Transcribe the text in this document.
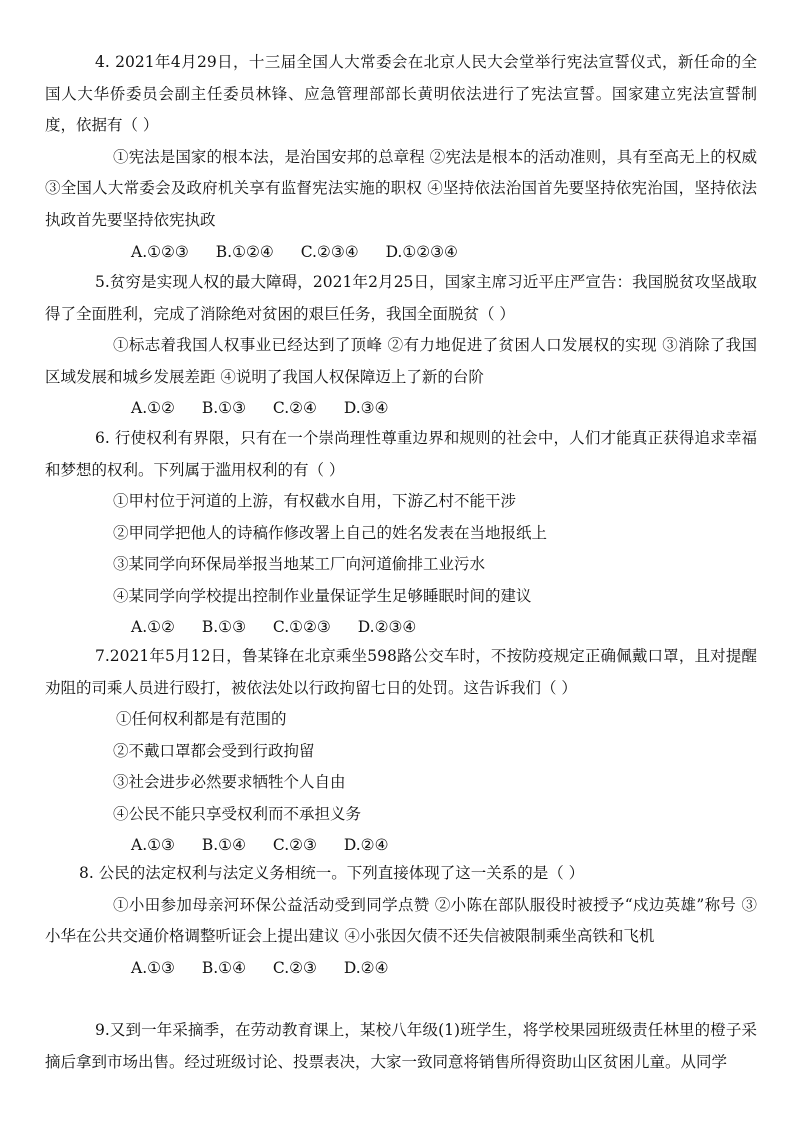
4. 2021年4月29日，十三届全国人大常委会在北京人民大会堂举行宪法宣誓仪式，新任命的全国人大华侨委员会副主任委员林锋、应急管理部部长黄明依法进行了宪法宣誓。国家建立宪法宣誓制度，依据有（ ）

①宪法是国家的根本法，是治国安邦的总章程 ②宪法是根本的活动准则，具有至高无上的权威 ③全国人大常委会及政府机关享有监督宪法实施的职权 ④坚持依法治国首先要坚持依宪治国，坚持依法执政首先要坚持依宪执政

A.①②③ B.①②④ C.②③④ D.①②③④

5.贫穷是实现人权的最大障碍，2021年2月25日，国家主席习近平庄严宣告：我国脱贫攻坚战取得了全面胜利，完成了消除绝对贫困的艰巨任务，我国全面脱贫（ ）

①标志着我国人权事业已经达到了顶峰 ②有力地促进了贫困人口发展权的实现 ③消除了我国区域发展和城乡发展差距 ④说明了我国人权保障迈上了新的台阶

A.①② B.①③ C.②④ D.③④

6. 行使权利有界限，只有在一个崇尚理性尊重边界和规则的社会中，人们才能真正获得追求幸福和梦想的权利。下列属于滥用权利的有（ ）

①甲村位于河道的上游，有权截水自用，下游乙村不能干涉

②甲同学把他人的诗稿作修改署上自己的姓名发表在当地报纸上

③某同学向环保局举报当地某工厂向河道偷排工业污水

④某同学向学校提出控制作业量保证学生足够睡眠时间的建议

A.①② B.①③ C.①②③ D.②③④

7.2021年5月12日，鲁某锋在北京乘坐598路公交车时，不按防疫规定正确佩戴口罩，且对提醒劝阻的司乘人员进行殴打，被依法处以行政拘留七日的处罚。这告诉我们（ ）

①任何权利都是有范围的

②不戴口罩都会受到行政拘留

③社会进步必然要求牺牲个人自由

④公民不能只享受权利而不承担义务

A.①③ B.①④ C.②③ D.②④

8. 公民的法定权利与法定义务相统一。下列直接体现了这一关系的是（ ）

①小田参加母亲河环保公益活动受到同学点赞 ②小陈在部队服役时被授予“戍边英雄”称号 ③小华在公共交通价格调整听证会上提出建议 ④小张因欠债不还失信被限制乘坐高铁和飞机

A.①③ B.①④ C.②③ D.②④

9.又到一年采摘季，在劳动教育课上，某校八年级(1)班学生，将学校果园班级责任林里的橙子采摘后拿到市场出售。经过班级讨论、投票表决，大家一致同意将销售所得资助山区贫困儿童。从同学
